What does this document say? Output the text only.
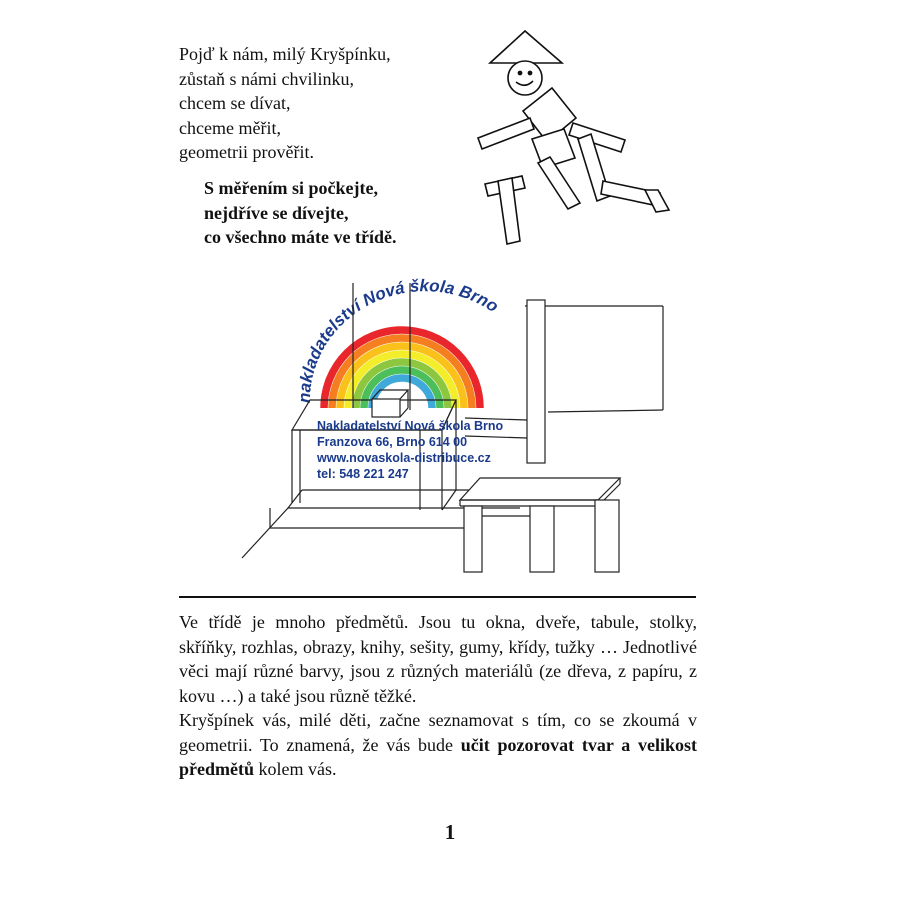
Pojď k nám, milý Kryšpínku,
zůstaň s námi chvilinku,
chcem se dívat,
chceme měřit,
geometrii prověřit.
S měřením si počkejte,
nejdříve se dívejte,
co všechno máte ve třídě.
nakladatelství Nová škola Brno
Nakladatelství Nová škola Brno
Franzova 66, Brno 614 00
www.novaskola-distribuce.cz
tel: 548 221 247

Ve třídě je mnoho předmětů. Jsou tu okna, dveře, tabule, stolky, skříňky, rozhlas, obrazy, knihy, sešity, gumy, křídy, tužky … Jednotlivé věci mají různé barvy, jsou z různých materiálů (ze dřeva, z papíru, z kovu …) a také jsou různě těžké.

Kryšpínek vás, milé děti, začne seznamovat s tím, co se zkoumá v geometrii. To znamená, že vás bude učit pozorovat tvar a velikost předmětů kolem vás.

1
